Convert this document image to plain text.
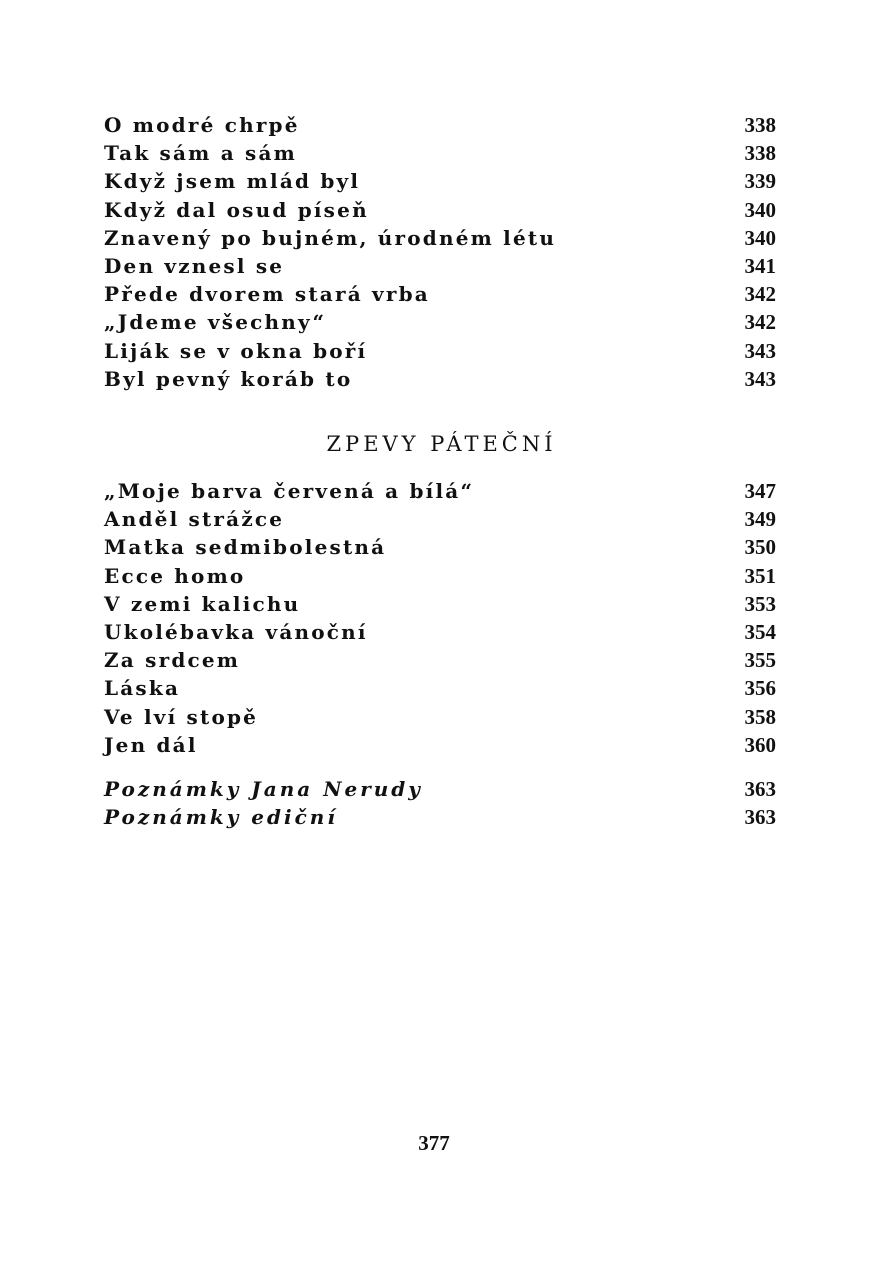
O modré chrpě	338
Tak sám a sám	338
Když jsem mlád byl	339
Když dal osud píseň	340
Znavený po bujném, úrodném létu	340
Den vznesl se	341
Přede dvorem stará vrba	342
„Jdeme všechny“	342
Liják se v okna boří	343
Byl pevný koráb to	343
ZPEVY PÁTEČNÍ
„Moje barva červená a bílá“	347
Anděl strážce	349
Matka sedmibolestná	350
Ecce homo	351
V zemi kalichu	353
Ukolébavka vánoční	354
Za srdcem	355
Láska	356
Ve lví stopě	358
Jen dál	360
Poznámky Jana Nerudy	363
Poznámky ediční	363
377
